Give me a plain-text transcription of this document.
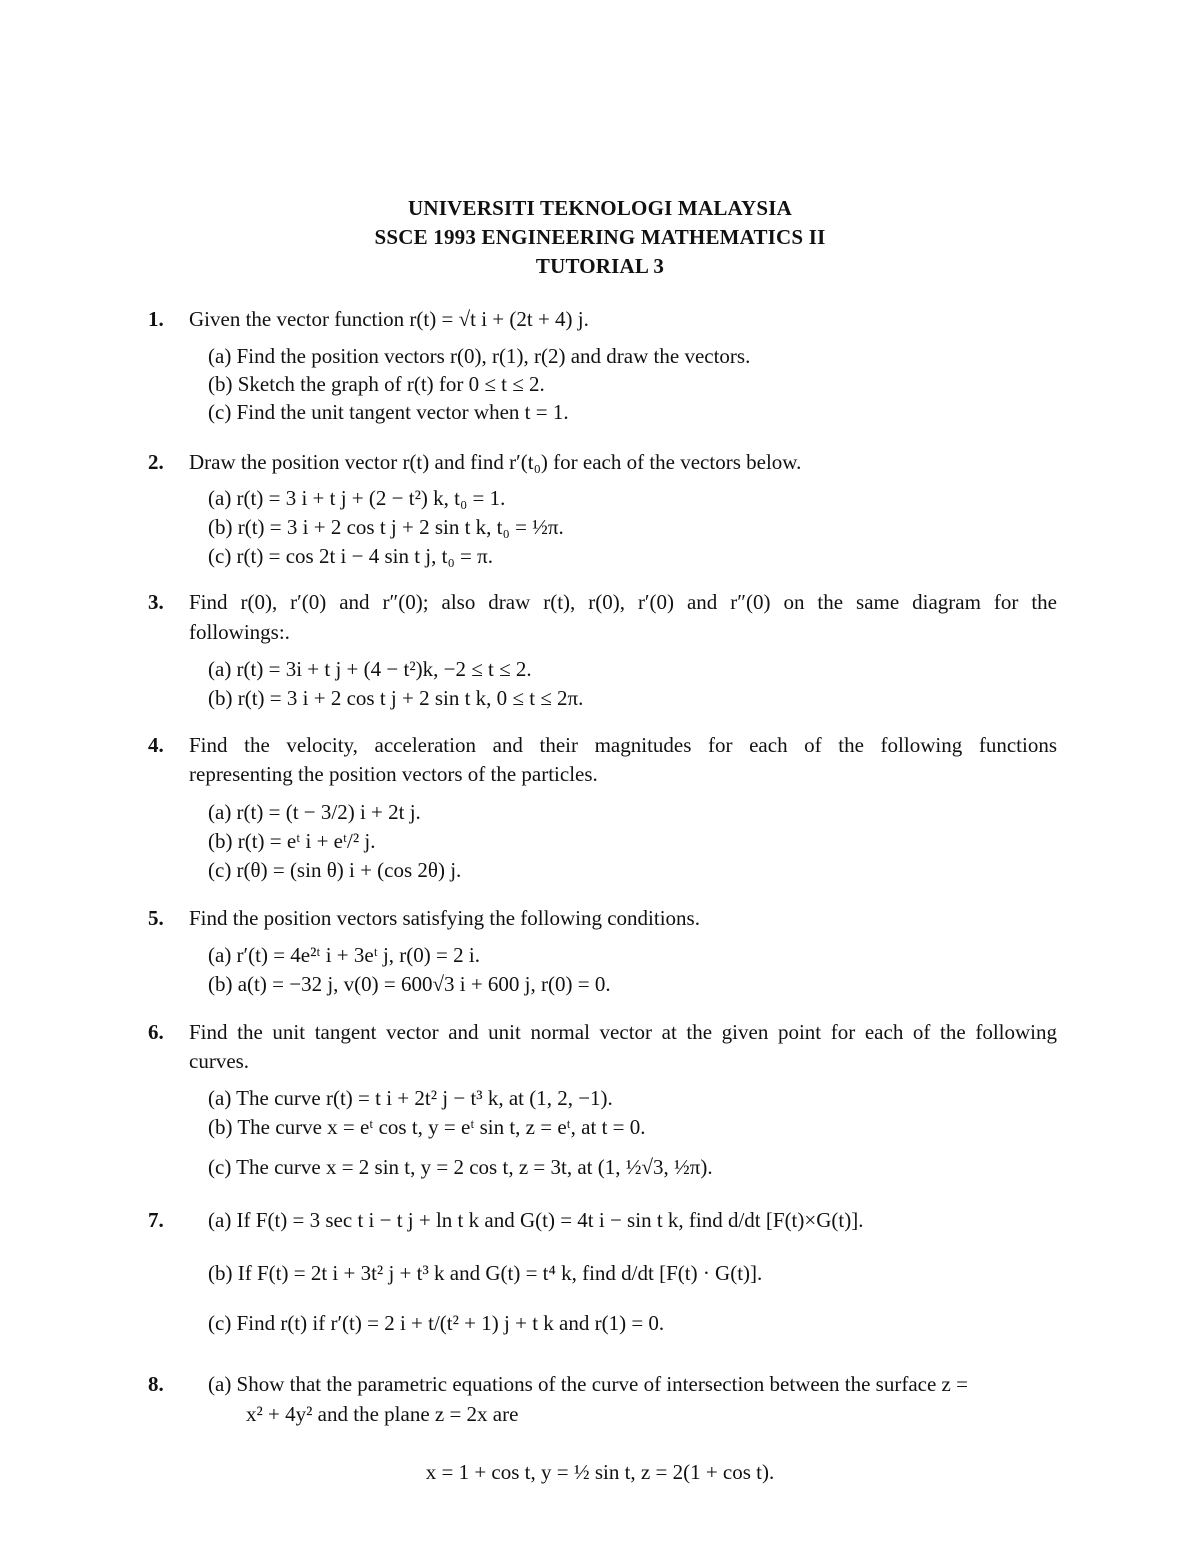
UNIVERSITI TEKNOLOGI MALAYSIA
SSCE 1993 ENGINEERING MATHEMATICS II
TUTORIAL 3
1. Given the vector function r(t) = √t i + (2t + 4) j.
(a) Find the position vectors r(0), r(1), r(2) and draw the vectors.
(b) Sketch the graph of r(t) for 0 ≤ t ≤ 2.
(c) Find the unit tangent vector when t = 1.
2. Draw the position vector r(t) and find r′(t₀) for each of the vectors below.
(a) r(t) = 3 i + t j + (2 − t²) k, t₀ = 1.
(b) r(t) = 3 i + 2 cos t j + 2 sin t k, t₀ = ½π.
(c) r(t) = cos 2t i − 4 sin t j, t₀ = π.
3. Find r(0), r′(0) and r″(0); also draw r(t), r(0), r′(0) and r″(0) on the same diagram for the
followings:.
(a) r(t) = 3i + t j + (4 − t²)k, −2 ≤ t ≤ 2.
(b) r(t) = 3 i + 2 cos t j + 2 sin t k, 0 ≤ t ≤ 2π.
4. Find the velocity, acceleration and their magnitudes for each of the following functions
representing the position vectors of the particles.
(a) r(t) = (t − 3/2) i + 2t j.
(b) r(t) = eᵗ i + eᵗ/² j.
(c) r(θ) = (sin θ) i + (cos 2θ) j.
5. Find the position vectors satisfying the following conditions.
(a) r′(t) = 4e²ᵗ i + 3eᵗ j, r(0) = 2 i.
(b) a(t) = −32 j, v(0) = 600√3 i + 600 j, r(0) = 0.
6. Find the unit tangent vector and unit normal vector at the given point for each of the following
curves.
(a) The curve r(t) = t i + 2t² j − t³ k, at (1, 2, −1).
(b) The curve x = eᵗ cos t, y = eᵗ sin t, z = eᵗ, at t = 0.
(c) The curve x = 2 sin t, y = 2 cos t, z = 3t, at (1, ½√3, ½π).
7. (a) If F(t) = 3 sec t i − t j + ln t k and G(t) = 4t i − sin t k, find d/dt [F(t)×G(t)].
(b) If F(t) = 2t i + 3t² j + t³ k and G(t) = t⁴ k, find d/dt [F(t) · G(t)].
(c) Find r(t) if r′(t) = 2 i + t/(t² + 1) j + t k and r(1) = 0.
8. (a) Show that the parametric equations of the curve of intersection between the surface z =
x² + 4y² and the plane z = 2x are
x = 1 + cos t, y = ½ sin t, z = 2(1 + cos t).
